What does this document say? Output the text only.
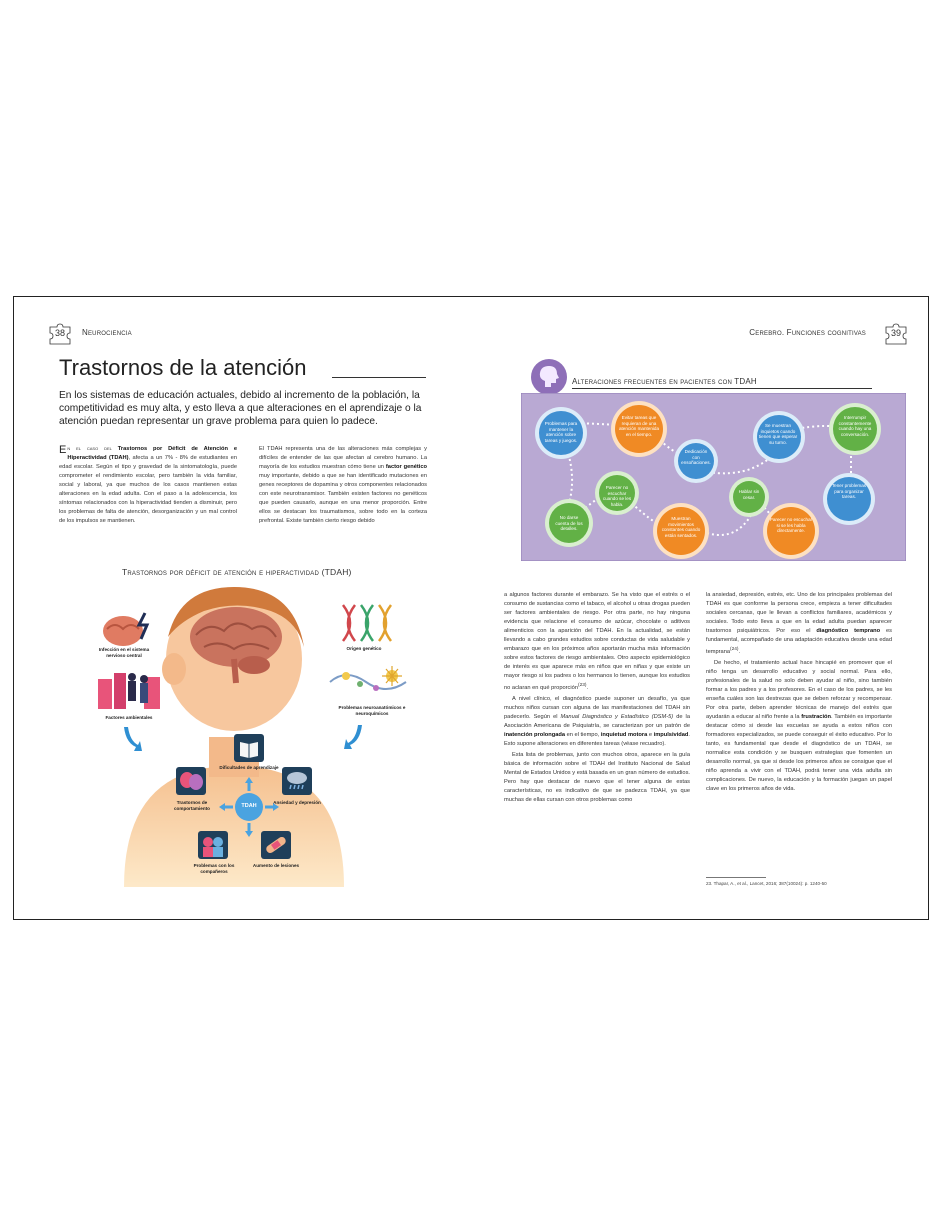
38	Neurociencia
Trastornos de la atención

En los sistemas de educación actuales, debido al incremento de la población, la competitividad es muy alta, y esto lleva a que alteraciones en el aprendizaje o la atención puedan representar un grave problema para quien lo padece.

En el caso del Trastornos por Déficit de Atención e Hiperactividad (TDAH), afecta a un 7% - 8% de estudiantes en edad escolar. Según el tipo y gravedad de la sintomatología, puede comprometer el rendimiento escolar, pero también la vida familiar, social y laboral, ya que muchos de los casos mantienen estas alteraciones en la edad adulta. Con el paso a la adolescencia, los síntomas relacionados con la hiperactividad tienden a disminuir, pero los problemas de falta de atención, desorganización y un mal control de los impulsos se mantienen.

El TDAH representa una de las alteraciones más complejas y difíciles de entender de las que afectan al cerebro humano. La mayoría de los estudios muestran cómo tiene un factor genético muy importante, debido a que se han identificado mutaciones en genes receptores de dopamina y otros componentes relacionados con este neurotransmisor. También existen factores no genéticos que pueden causarlo, aunque en una menor proporción. Entre ellos se destacan los traumatismos, sobre todo en la corteza prefrontal. Existe también cierto riesgo debido

Trastornos por déficit de atención e hiperactividad (TDAH)
Infección en el sistema nervioso central
Factores ambientales
Origen genético
Problemas neuroanatómicos e neuroquímicos
Dificultades de aprendizaje
Trastornos de comportamiento
Ansiedad y depresión
TDAH
Problemas con los compañeros
Aumento de lesiones
Cerebro. Funciones cognitivas	39
Alteraciones frecuentes en pacientes con TDAH
Problemas para mantener la atención sobre tareas y juegos.
Evitar tareas que requieran de una atención mantenida en el tiempo.
Dedicación con ensoñaciones.
Parecer no escuchar cuando se les habla.
No darse cuenta de los detalles.
Muestran movimientos constantes cuando están sentados.
Se muestran inquietos cuando tienen que esperar su turno.
Interrumpir constantemente cuando hay una conversación.
Hablar sin cesar.
Tener problemas para organizar tareas.
Parecer no escuchar si se les habla directamente.

a algunos factores durante el embarazo. Se ha visto que el estrés o el consumo de sustancias como el tabaco, el alcohol u otras drogas pueden ser factores ambientales de riesgo. Por otra parte, no hay ninguna evidencia que relacione el consumo de azúcar, chocolate o aditivos alimenticios con la aparición del TDAH. En la actualidad, se están llevando a cabo grandes estudios sobre conductas de vida saludable y embarazo que en los próximos años aportarán mucha más información sobre estos factores de riesgo ambientales. Otro aspecto epidemiológico de interés es que aparece más en niños que en niñas y que existe un mayor riesgo si los padres o los hermanos lo tienen, aunque los estudios no aclaran en qué proporción$^{(23)}$.

A nivel clínico, el diagnóstico puede suponer un desafío, ya que muchos niños cursan con alguna de las manifestaciones del TDAH sin padecerlo. Según el Manual Diagnóstico y Estadístico (DSM-5) de la Asociación Americana de Psiquiatría, se caracterizan por un patrón de inatención prolongada en el tiempo, inquietud motora e impulsividad. Esto supone alteraciones en diferentes tareas (véase recuadro).

Esta lista de problemas, junto con muchos otros, aparece en la guía básica de información sobre el TDAH del Instituto Nacional de Salud Mental de Estados Unidos y está basada en un gran número de estudios. Pero hay que destacar de nuevo que el tener alguna de estas características, no es indicativo de que se padezca TDAH, ya que muchas de ellas cursan con otros problemas como

la ansiedad, depresión, estrés, etc. Uno de los principales problemas del TDAH es que conforme la persona crece, empieza a tener dificultades sociales cercanas, que le llevan a conflictos familiares, académicos y sociales. Todo esto lleva a que en la edad adulta puedan aparecer trastornos psiquiátricos. Por eso el diagnóstico temprano es fundamental, acompañado de una adaptación educativa desde una edad temprana$^{(24)}$.

De hecho, el tratamiento actual hace hincapié en promover que el niño tenga un desarrollo educativo y social normal. Para ello, profesionales de la salud no solo deben ayudar al niño, sino también formar a los padres y a los profesores. En el caso de los padres, se les enseña cuáles son las destrezas que se deben reforzar y recompensar. Por otra parte, deben aprender técnicas de manejo del estrés que ayudarán a educar al niño frente a la frustración. También es importante destacar cómo si desde las escuelas se ayuda a estos niños con formadores especializados, se puede conseguir el éxito educativo. Por lo tanto, es fundamental que desde el diagnóstico de un TDAH, se normalice esta condición y se busquen estrategias que fomenten un desarrollo normal, ya que si desde los primeros años se consigue que el niño aprenda a vivir con el TDAH, podrá tener una vida adulta sin complicaciones. De nuevo, la educación y la formación juegan un papel clave en los primeros años de vida.

23. Thapar, A., et al., Lancet, 2016; 387(10024): p. 1240-50
